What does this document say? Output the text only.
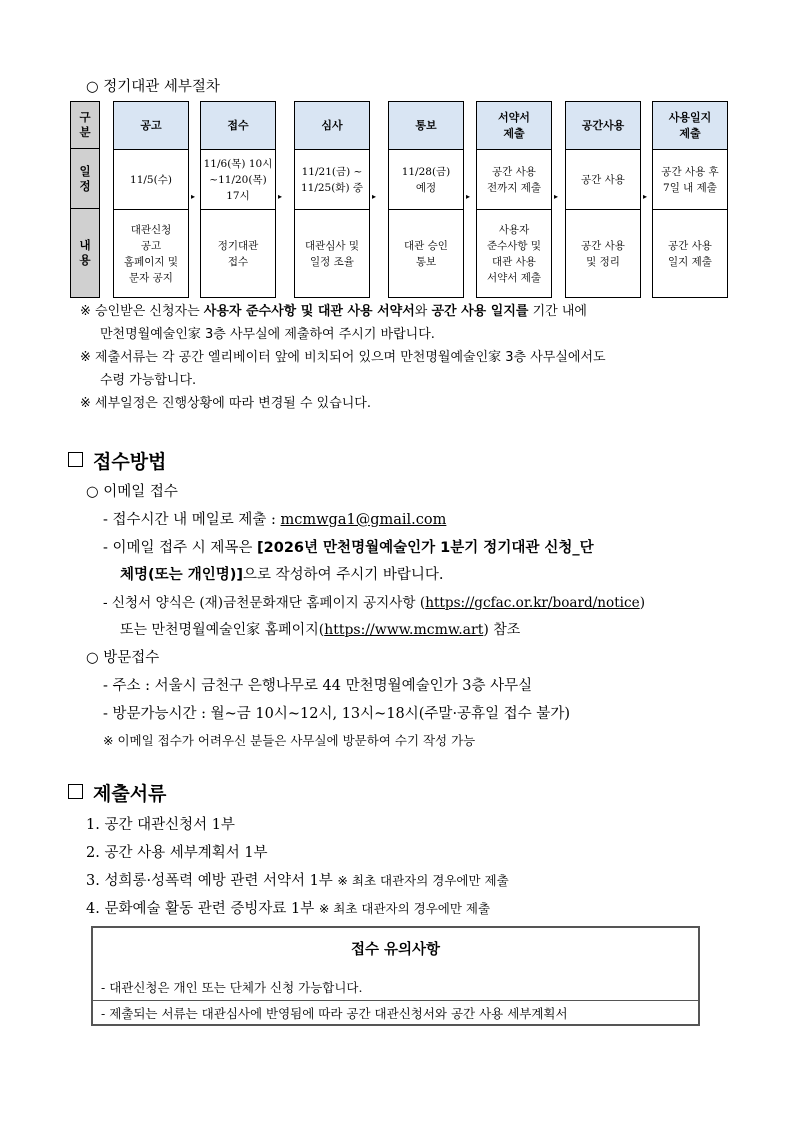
○ 정기대관 세부절차
구
분
일
정
내
용
공고
11/5(수)
대관신청
공고
홈페이지 및
문자 공지
▸
접수
11/6(목) 10시
~11/20(목)
17시
정기대관
접수
▸
심사
11/21(금) ~
11/25(화) 중
대관심사 및
일정 조율
▸
통보
11/28(금)
예정
대관 승인
통보
▸
서약서
제출
공간 사용
전까지 제출
사용자
준수사항 및
대관 사용
서약서 제출
▸
공간사용
공간 사용
공간 사용
및 정리
▸
사용일지
제출
공간 사용 후
7일 내 제출
공간 사용
일지 제출
※ 승인받은 신청자는 사용자 준수사항 및 대관 사용 서약서와 공간 사용 일지를 기간 내에
만천명월예술인家 3층 사무실에 제출하여 주시기 바랍니다.
※ 제출서류는 각 공간 엘리베이터 앞에 비치되어 있으며 만천명월예술인家 3층 사무실에서도
수령 가능합니다.
※ 세부일정은 진행상황에 따라 변경될 수 있습니다.
접수방법
○ 이메일 접수
- 접수시간 내 메일로 제출 : mcmwga1@gmail.com
- 이메일 접주 시 제목은 [2026년 만천명월예술인가 1분기 정기대관 신청_단
체명(또는 개인명)]으로 작성하여 주시기 바랍니다.
- 신청서 양식은 (재)금천문화재단 홈페이지 공지사항 (https://gcfac.or.kr/board/notice)
또는 만천명월예술인家 홈페이지(https://www.mcmw.art) 참조
○ 방문접수
- 주소 : 서울시 금천구 은행나무로 44 만천명월예술인가 3층 사무실
- 방문가능시간 : 월~금 10시~12시, 13시~18시(주말·공휴일 접수 불가)
※ 이메일 접수가 어려우신 분들은 사무실에 방문하여 수기 작성 가능
제출서류
1. 공간 대관신청서 1부
2. 공간 사용 세부계획서 1부
3. 성희롱·성폭력 예방 관련 서약서 1부 ※ 최초 대관자의 경우에만 제출
4. 문화예술 활동 관련 증빙자료 1부 ※ 최초 대관자의 경우에만 제출
접수 유의사항
- 대관신청은 개인 또는 단체가 신청 가능합니다.
- 제출되는 서류는 대관심사에 반영됨에 따라 공간 대관신청서와 공간 사용 세부계획서
